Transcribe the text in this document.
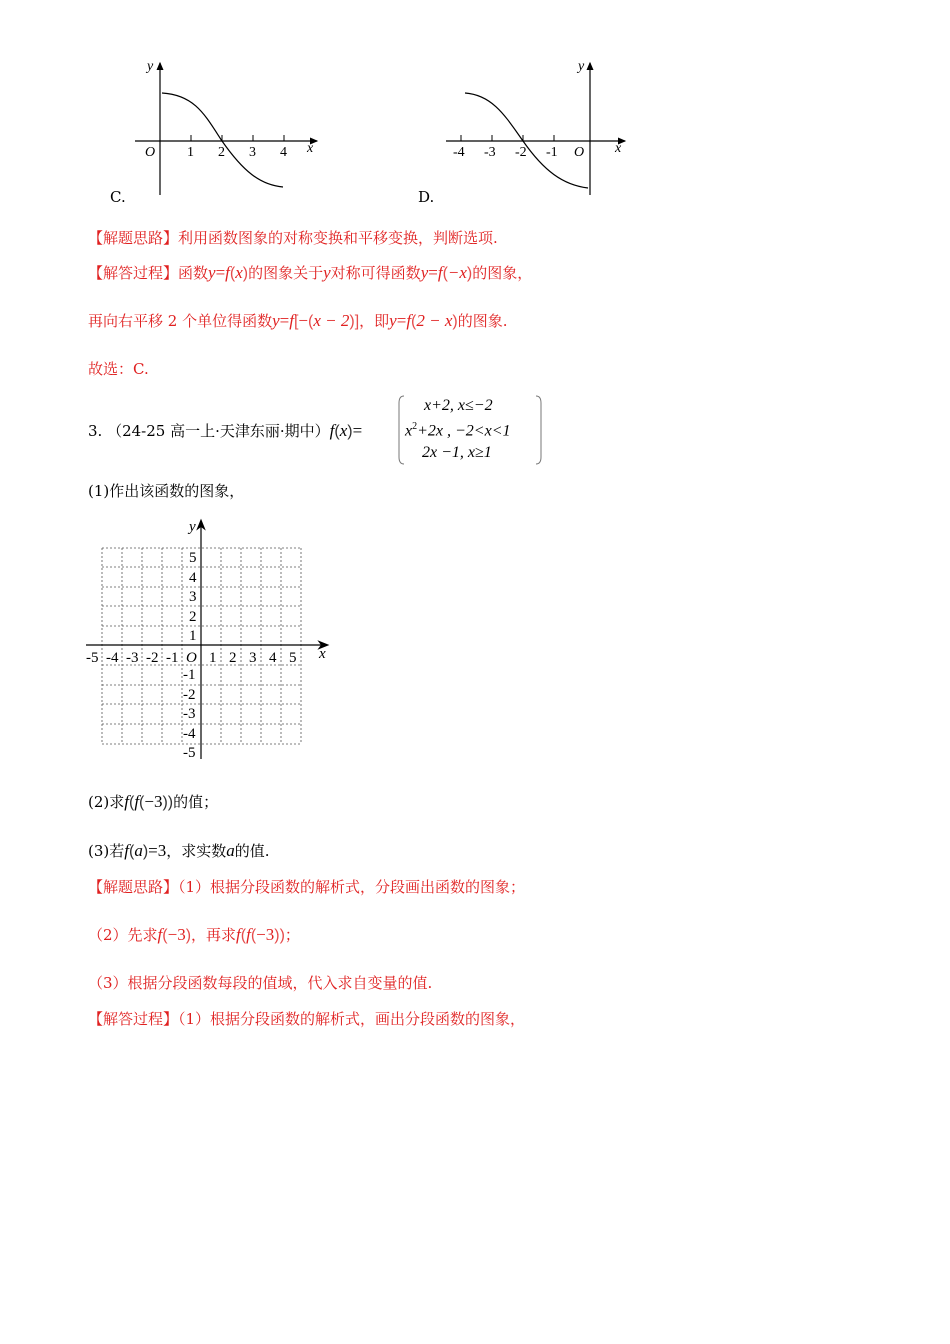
y
x
O 1 2 3 4
C.
y
x
O
-4 -3 -2 -1
D.
【解题思路】利用函数图象的对称变换和平移变换，判断选项.
【解答过程】函数y=f(x)的图象关于y对称可得函数y=f(−x)的图象，
再向右平移 2 个单位得函数y=f[−(x − 2)]，即y=f(2 − x)的图象.
故选：C.
3. （24-25 高一上·天津东丽·期中）f(x)=
x+2, x≤−2
$x^2+2x$ , −2<x<1
2x −1, x≥1
(1)作出该函数的图象，
y
x
O
-5 -4 -3 -2 -1 1 2 3 4 5
5
4
3
2
1
-1
-2
-3
-4
-5
(2)求f(f(−3))的值；
(3)若f(a)=3，求实数a的值.
【解题思路】（1）根据分段函数的解析式，分段画出函数的图象；
（2）先求f(−3)，再求f(f(−3))；
（3）根据分段函数每段的值域，代入求自变量的值.
【解答过程】（1）根据分段函数的解析式，画出分段函数的图象，
